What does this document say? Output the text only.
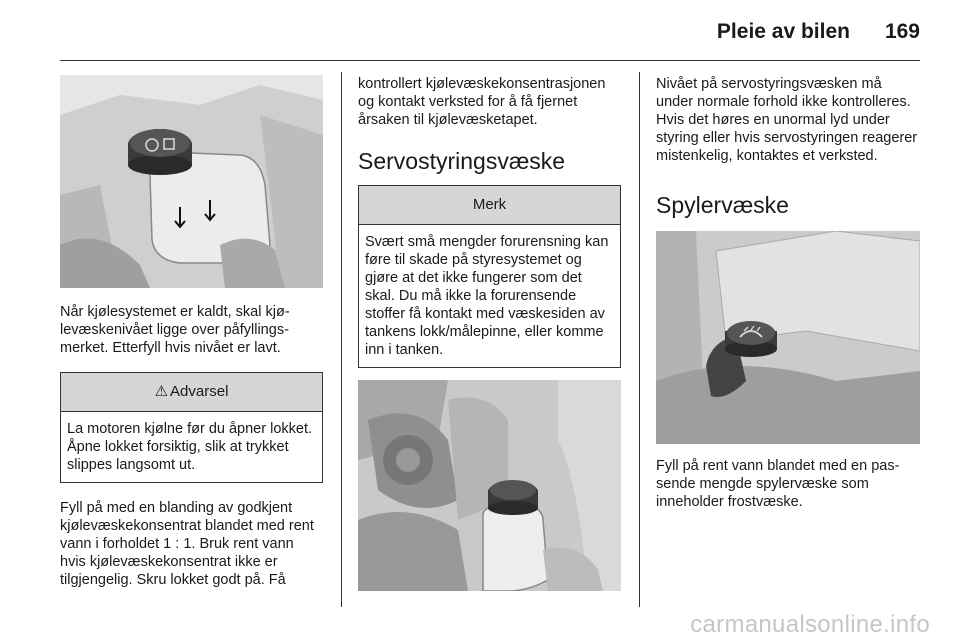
Pleie av bilen	169

Når kjølesystemet er kaldt, skal kjølevæskenivået ligge over påfyllingsmerket. Etterfyll hvis nivået er lavt.

⚠ Advarsel

La motoren kjølne før du åpner lokket. Åpne lokket forsiktig, slik at trykket slippes langsomt ut.

Fyll på med en blanding av godkjent kjølevæskekonsentrat blandet med rent vann i forholdet 1 : 1. Bruk rent vann hvis kjølevæskekonsentrat ikke er tilgjengelig. Skru lokket godt på. Få

kontrollert kjølevæskekonsentrasjonen og kontakt verksted for å få fjernet årsaken til kjølevæsketapet.

Servostyringsvæske
Merk

Svært små mengder forurensning kan føre til skade på styresystemet og gjøre at det ikke fungerer som det skal. Du må ikke la forurensende stoffer få kontakt med væskesiden av tankens lokk/målepinne, eller komme inn i tanken.

Nivået på servostyringsvæsken må under normale forhold ikke kontrolleres. Hvis det høres en unormal lyd under styring eller hvis servostyringen reagerer mistenkelig, kontaktes et verksted.

Spylervæske

Fyll på rent vann blandet med en passende mengde spylervæske som inneholder frostvæske.

carmanualsonline.info
